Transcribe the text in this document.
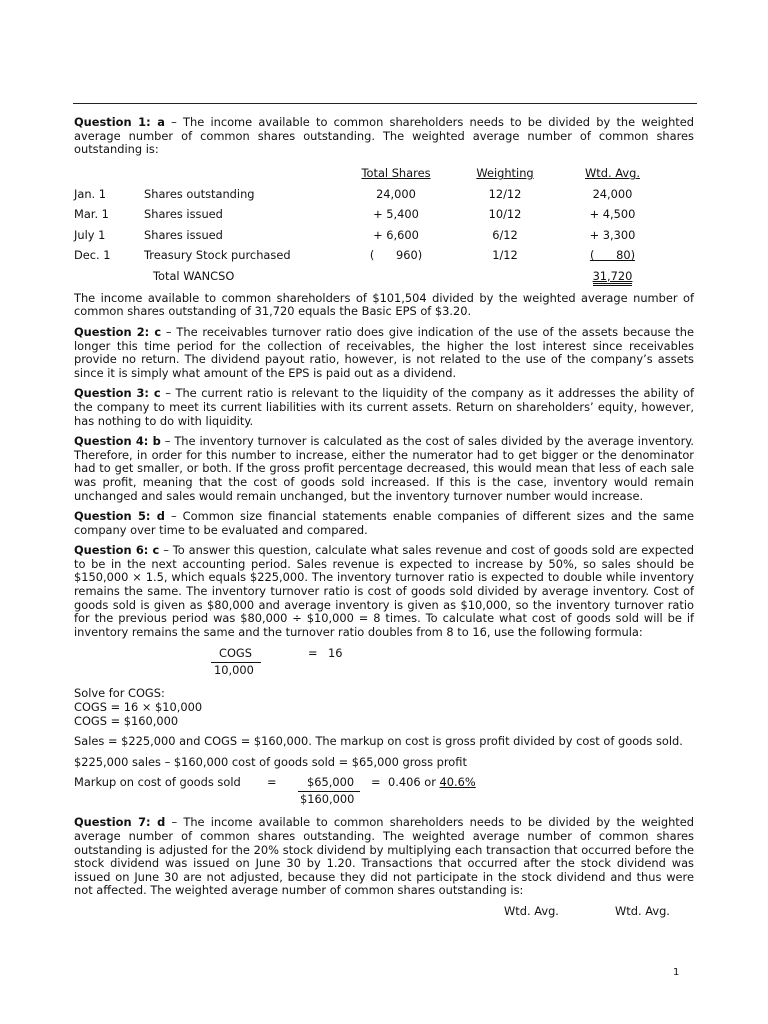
Question 1: a – The income available to common shareholders needs to be divided by the weighted average number of common shares outstanding. The weighted average number of common shares outstanding is:

		Total Shares	Weighting	Wtd. Avg.
Jan. 1	Shares outstanding	24,000	12/12	24,000
Mar. 1	Shares issued	+ 5,400	10/12	+ 4,500
July 1	Shares issued	+ 6,600	6/12	+ 3,300
Dec. 1	Treasury Stock purchased	(      960)	1/12	(      80)
	Total WANCSO			31,720

The income available to common shareholders of $101,504 divided by the weighted average number of common shares outstanding of 31,720 equals the Basic EPS of $3.20.

Question 2: c – The receivables turnover ratio does give indication of the use of the assets because the longer this time period for the collection of receivables, the higher the lost interest since receivables provide no return. The dividend payout ratio, however, is not related to the use of the company’s assets since it is simply what amount of the EPS is paid out as a dividend.

Question 3: c – The current ratio is relevant to the liquidity of the company as it addresses the ability of the company to meet its current liabilities with its current assets. Return on shareholders’ equity, however, has nothing to do with liquidity.

Question 4: b – The inventory turnover is calculated as the cost of sales divided by the average inventory. Therefore, in order for this number to increase, either the numerator had to get bigger or the denominator had to get smaller, or both. If the gross profit percentage decreased, this would mean that less of each sale was profit, meaning that the cost of goods sold increased. If this is the case, inventory would remain unchanged and sales would remain unchanged, but the inventory turnover number would increase.

Question 5: d – Common size financial statements enable companies of different sizes and the same company over time to be evaluated and compared.

Question 6: c – To answer this question, calculate what sales revenue and cost of goods sold are expected to be in the next accounting period. Sales revenue is expected to increase by 50%, so sales should be $150,000 × 1.5, which equals $225,000. The inventory turnover ratio is expected to double while inventory remains the same. The inventory turnover ratio is cost of goods sold divided by average inventory. Cost of goods sold is given as $80,000 and average inventory is given as $10,000, so the inventory turnover ratio for the previous period was $80,000 ÷ $10,000 = 8 times. To calculate what cost of goods sold will be if inventory remains the same and the turnover ratio doubles from 8 to 16, use the following formula:

COGS
10,000
= 16
Solve for COGS:
COGS = 16 × $10,000
COGS = $160,000

Sales = $225,000 and COGS = $160,000. The markup on cost is gross profit divided by cost of goods sold.

$225,000 sales – $160,000 cost of goods sold = $65,000 gross profit

Markup on cost of goods sold =	$65,000
$160,000
= 0.406 or 40.6%

Question 7: d – The income available to common shareholders needs to be divided by the weighted average number of common shares outstanding. The weighted average number of common shares outstanding is adjusted for the 20% stock dividend by multiplying each transaction that occurred before the stock dividend was issued on June 30 by 1.20. Transactions that occurred after the stock dividend was issued on June 30 are not adjusted, because they did not participate in the stock dividend and thus were not affected. The weighted average number of common shares outstanding is:

Wtd. Avg.	Wtd. Avg.
1
